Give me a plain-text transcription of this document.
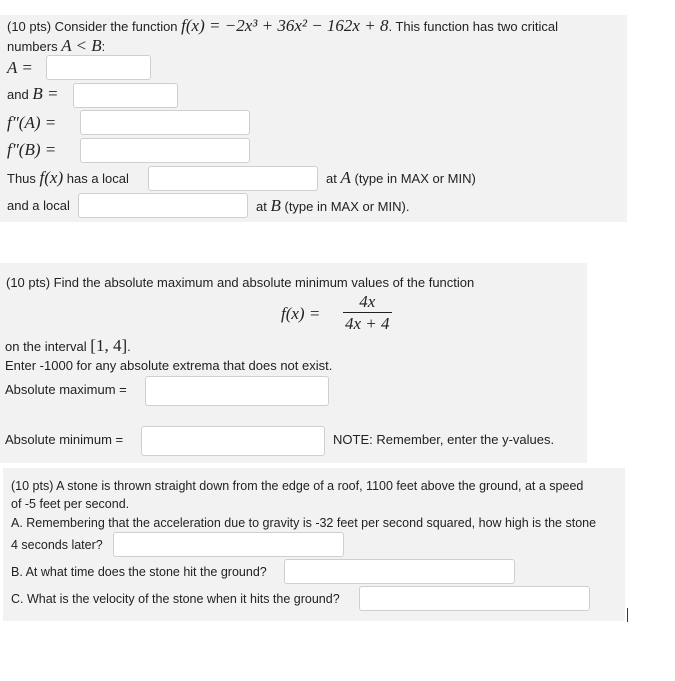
(10 pts) Consider the function f(x) = −2x³ + 36x² − 162x + 8. This function has two critical
numbers A < B:
A =
and B =
f″(A) =
f″(B) =
Thus f(x) has a local	at A (type in MAX or MIN)
and a local	at B (type in MAX or MIN).
(10 pts) Find the absolute maximum and absolute minimum values of the function
f(x) =
4x
4x + 4
on the interval [1, 4].
Enter -1000 for any absolute extrema that does not exist.
Absolute maximum =
Absolute minimum =	NOTE: Remember, enter the y-values.
(10 pts) A stone is thrown straight down from the edge of a roof, 1100 feet above the ground, at a speed
of -5 feet per second.
A. Remembering that the acceleration due to gravity is -32 feet per second squared, how high is the stone
4 seconds later?
B. At what time does the stone hit the ground?
C. What is the velocity of the stone when it hits the ground?
